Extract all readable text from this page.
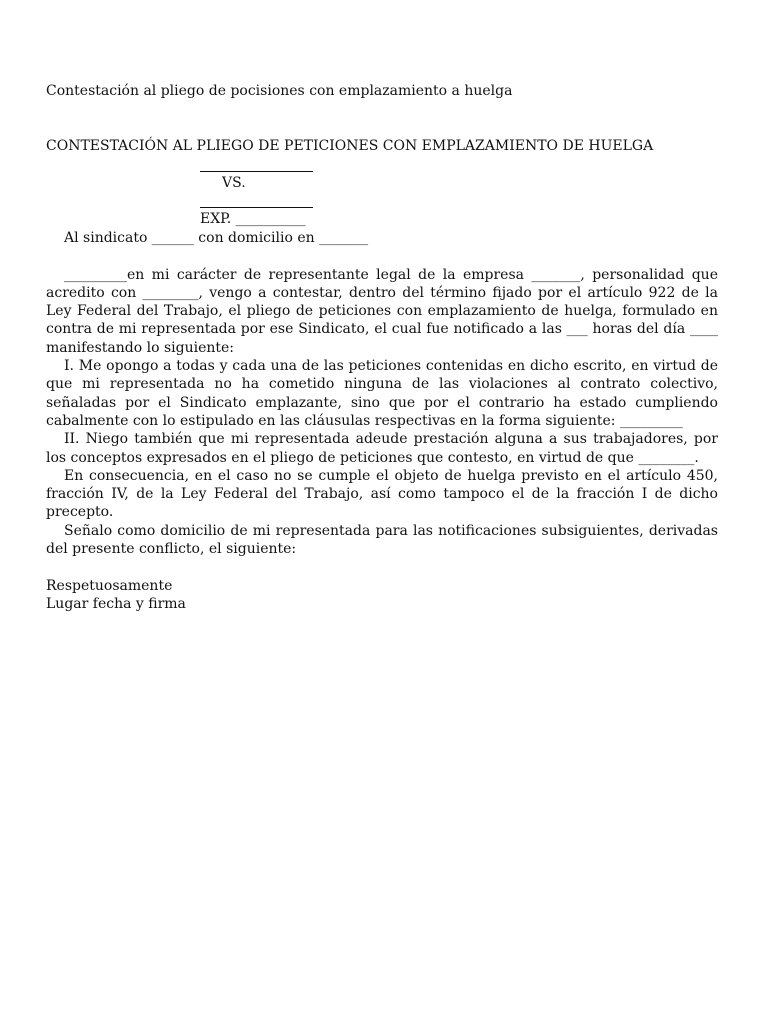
Contestación al pliego de pocisiones con emplazamiento a huelga
CONTESTACIÓN AL PLIEGO DE PETICIONES CON EMPLAZAMIENTO DE HUELGA
VS.
EXP. __________

Al sindicato ______ con domicilio en _______

_________en mi carácter de representante legal de la empresa _______, personalidad que acredito con ________, vengo a contestar, dentro del término fijado por el artículo 922 de la Ley Federal del Trabajo, el pliego de peticiones con emplazamiento de huelga, formulado en contra de mi representada por ese Sindicato, el cual fue notificado a las ___ horas del día ____ manifestando lo siguiente:

I. Me opongo a todas y cada una de las peticiones contenidas en dicho escrito, en virtud de que mi representada no ha cometido ninguna de las violaciones al contrato colectivo, señaladas por el Sindicato emplazante, sino que por el contrario ha estado cumpliendo cabalmente con lo estipulado en las cláusulas respectivas en la forma siguiente: _________

II. Niego también que mi representada adeude prestación alguna a sus trabajadores, por los conceptos expresados en el pliego de peticiones que contesto, en virtud de que ________.

En consecuencia, en el caso no se cumple el objeto de huelga previsto en el artículo 450, fracción IV, de la Ley Federal del Trabajo, así como tampoco el de la fracción I de dicho precepto.

Señalo como domicilio de mi representada para las notificaciones subsiguientes, derivadas del presente conflicto, el siguiente:

Respetuosamente

Lugar fecha y firma
